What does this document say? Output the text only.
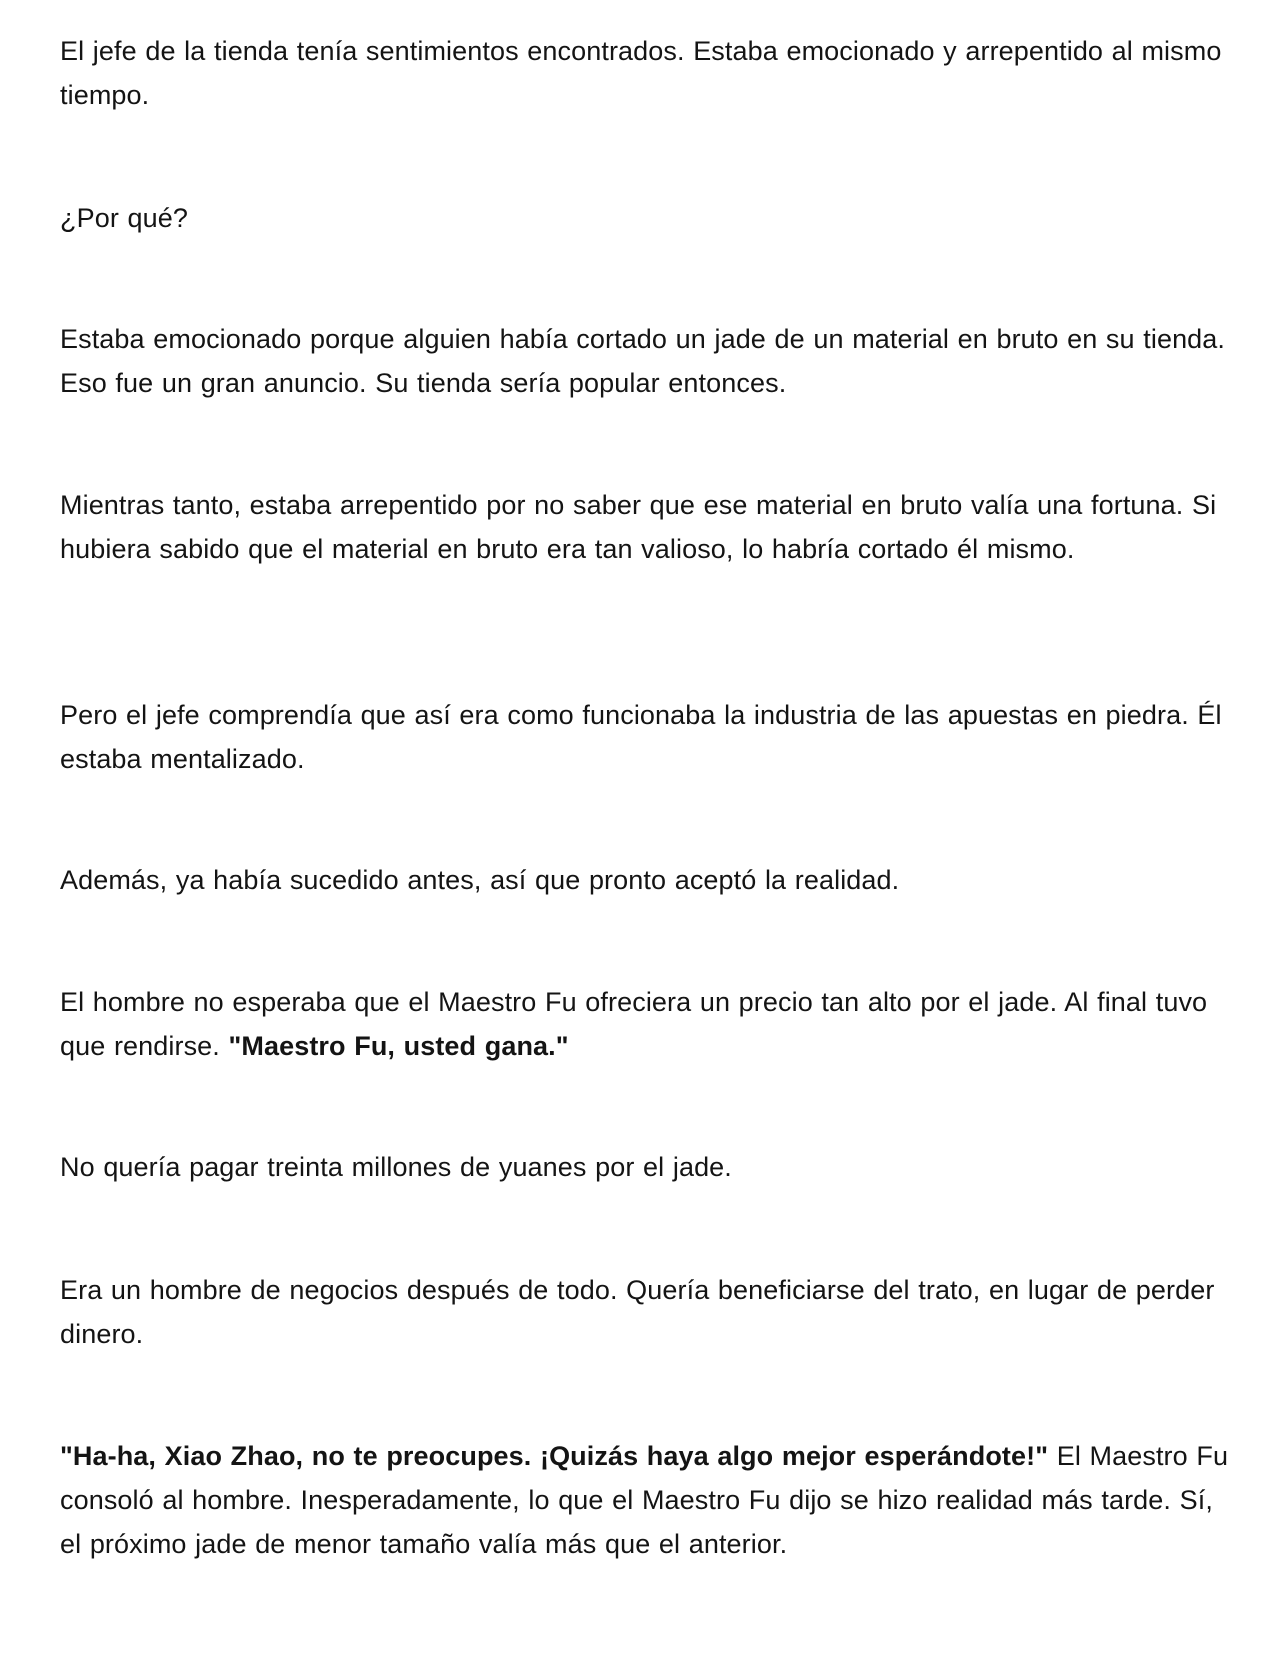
El jefe de la tienda tenía sentimientos encontrados. Estaba emocionado y arrepentido al mismo tiempo.

¿Por qué?

Estaba emocionado porque alguien había cortado un jade de un material en bruto en su tienda. Eso fue un gran anuncio. Su tienda sería popular entonces.

Mientras tanto, estaba arrepentido por no saber que ese material en bruto valía una fortuna. Si hubiera sabido que el material en bruto era tan valioso, lo habría cortado él mismo.

Pero el jefe comprendía que así era como funcionaba la industria de las apuestas en piedra. Él estaba mentalizado.

Además, ya había sucedido antes, así que pronto aceptó la realidad.

El hombre no esperaba que el Maestro Fu ofreciera un precio tan alto por el jade. Al final tuvo que rendirse. "Maestro Fu, usted gana."

No quería pagar treinta millones de yuanes por el jade.

Era un hombre de negocios después de todo. Quería beneficiarse del trato, en lugar de perder dinero.

"Ha-ha, Xiao Zhao, no te preocupes. ¡Quizás haya algo mejor esperándote!" El Maestro Fu consoló al hombre. Inesperadamente, lo que el Maestro Fu dijo se hizo realidad más tarde. Sí, el próximo jade de menor tamaño valía más que el anterior.
